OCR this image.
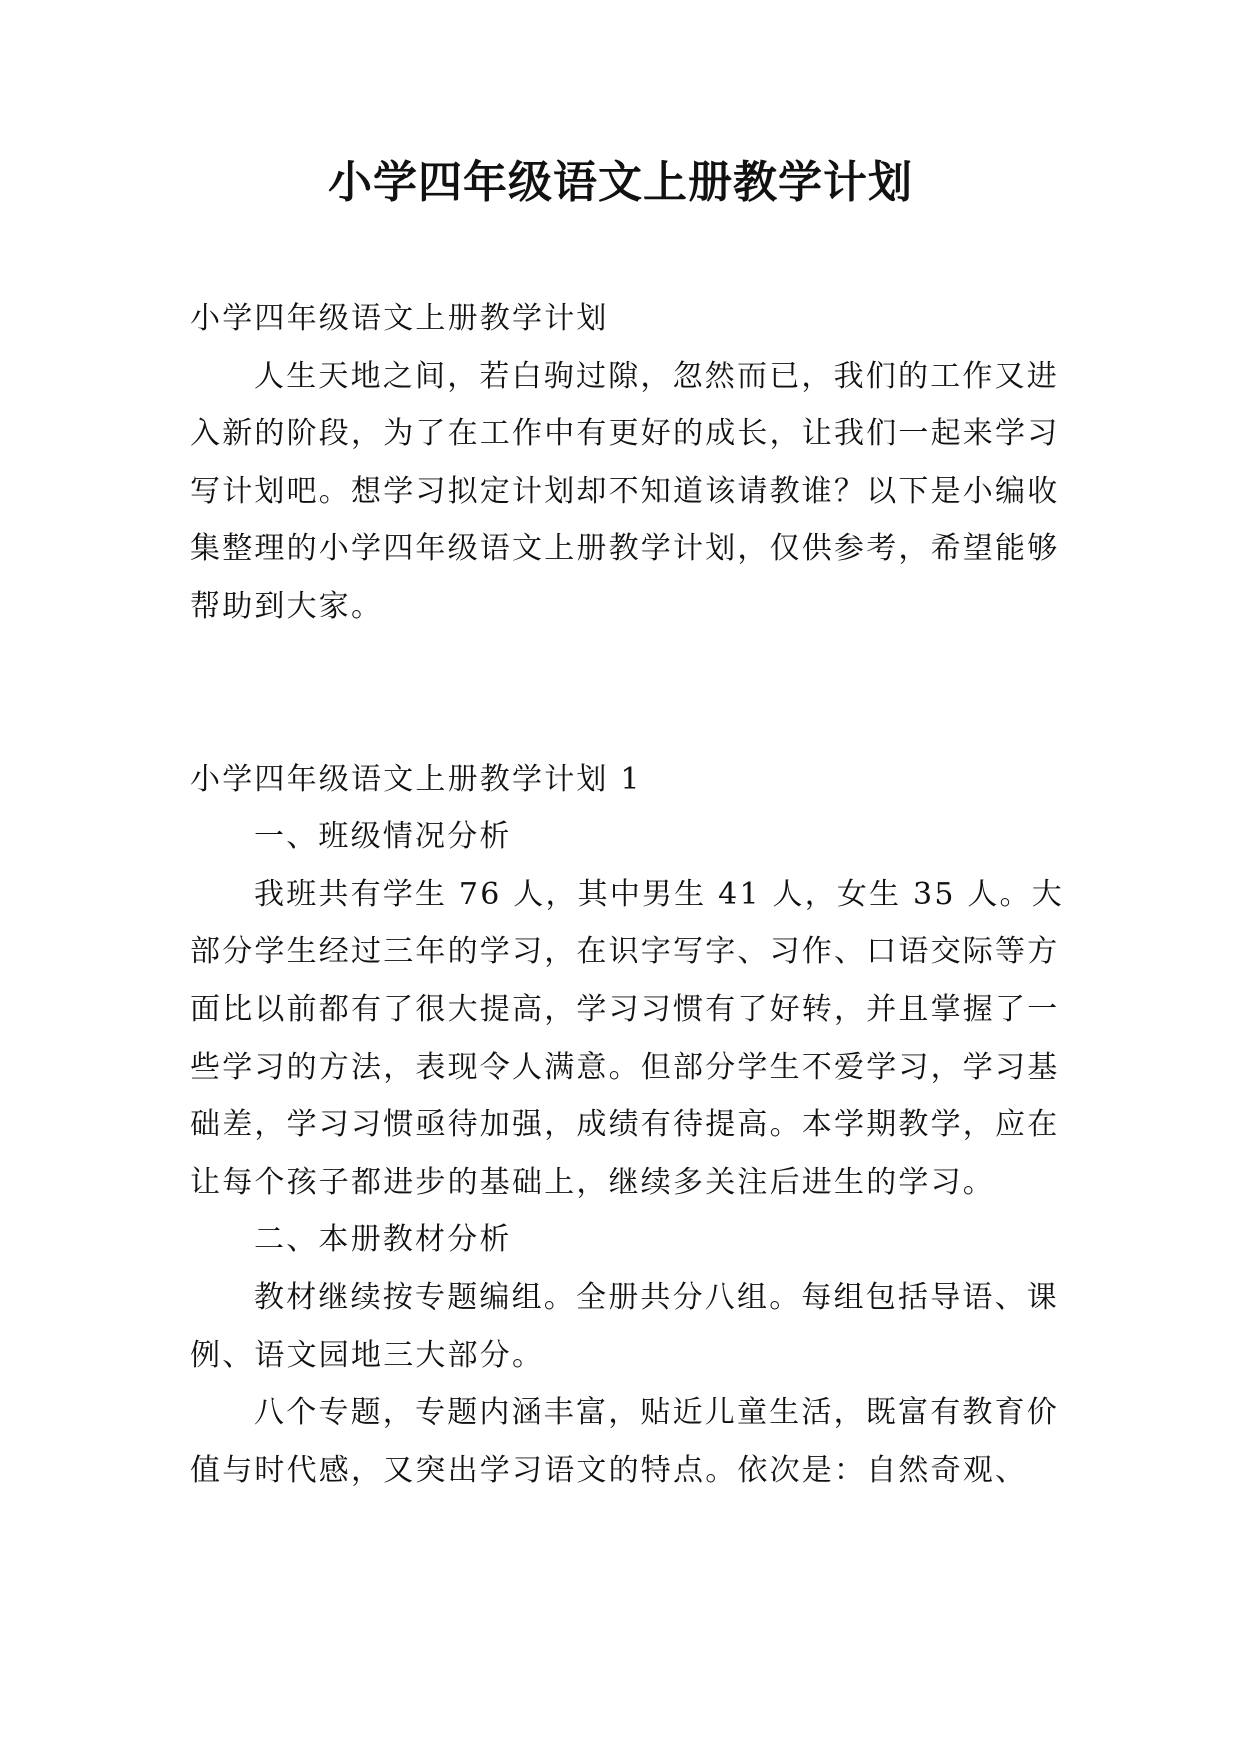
小学四年级语文上册教学计划

小学四年级语文上册教学计划

人生天地之间，若白驹过隙，忽然而已，我们的工作又进入新的阶段，为了在工作中有更好的成长，让我们一起来学习写计划吧。想学习拟定计划却不知道该请教谁？以下是小编收集整理的小学四年级语文上册教学计划，仅供参考，希望能够帮助到大家。

小学四年级语文上册教学计划 1

一、班级情况分析

我班共有学生 76 人，其中男生 41 人，女生 35 人。大部分学生经过三年的学习，在识字写字、习作、口语交际等方面比以前都有了很大提高，学习习惯有了好转，并且掌握了一些学习的方法，表现令人满意。但部分学生不爱学习，学习基础差，学习习惯亟待加强，成绩有待提高。本学期教学，应在让每个孩子都进步的基础上，继续多关注后进生的学习。

二、本册教材分析

教材继续按专题编组。全册共分八组。每组包括导语、课例、语文园地三大部分。

八个专题，专题内涵丰富，贴近儿童生活，既富有教育价值与时代感，又突出学习语文的特点。依次是：自然奇观、
